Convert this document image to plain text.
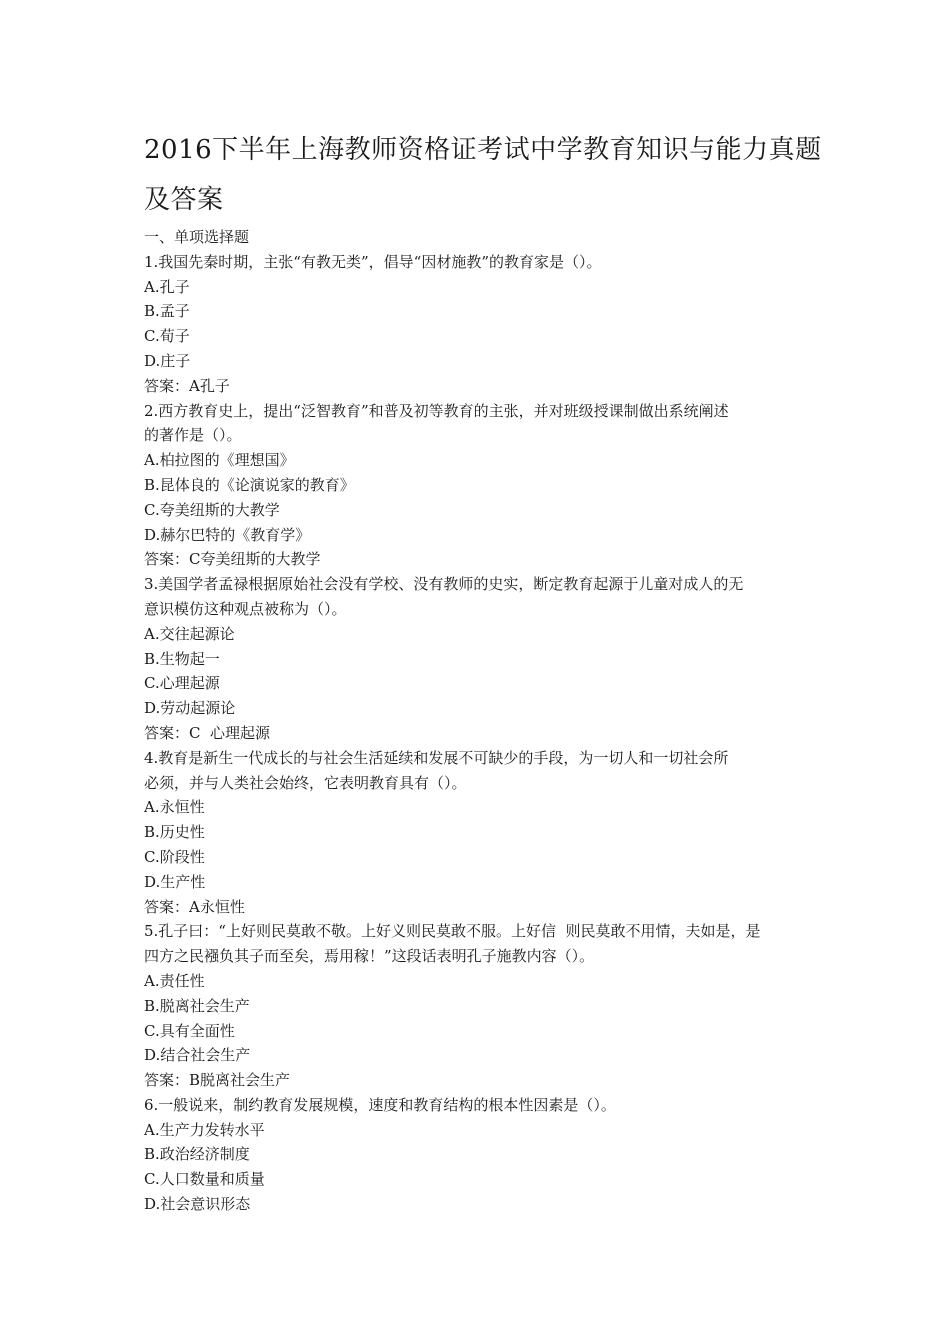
2016下半年上海教师资格证考试中学教育知识与能力真题
及答案

一、单项选择题

1.我国先秦时期，主张“有教无类”，倡导“因材施教”的教育家是（）。

A.孔子

B.孟子

C.荀子

D.庄子

答案：A孔子

2.西方教育史上，提出“泛智教育”和普及初等教育的主张，并对班级授课制做出系统阐述

的著作是（）。

A.柏拉图的《理想国》

B.昆体良的《论演说家的教育》

C.夸美纽斯的大教学

D.赫尔巴特的《教育学》

答案：C夸美纽斯的大教学

3.美国学者孟禄根据原始社会没有学校、没有教师的史实，断定教育起源于儿童对成人的无

意识模仿这种观点被称为（）。

A.交往起源论

B.生物起一

C.心理起源

D.劳动起源论

答案：C  心理起源

4.教育是新生一代成长的与社会生活延续和发展不可缺少的手段，为一切人和一切社会所

必须，并与人类社会始终，它表明教育具有（）。

A.永恒性

B.历史性

C.阶段性

D.生产性

答案：A永恒性

5.孔子曰：“上好则民莫敢不敬。上好义则民莫敢不服。上好信  则民莫敢不用情，夫如是，是

四方之民襁负其子而至矣，焉用稼！”这段话表明孔子施教内容（）。

A.责任性

B.脱离社会生产

C.具有全面性

D.结合社会生产

答案：B脱离社会生产

6.一般说来，制约教育发展规模，速度和教育结构的根本性因素是（）。

A.生产力发转水平

B.政治经济制度

C.人口数量和质量

D.社会意识形态
